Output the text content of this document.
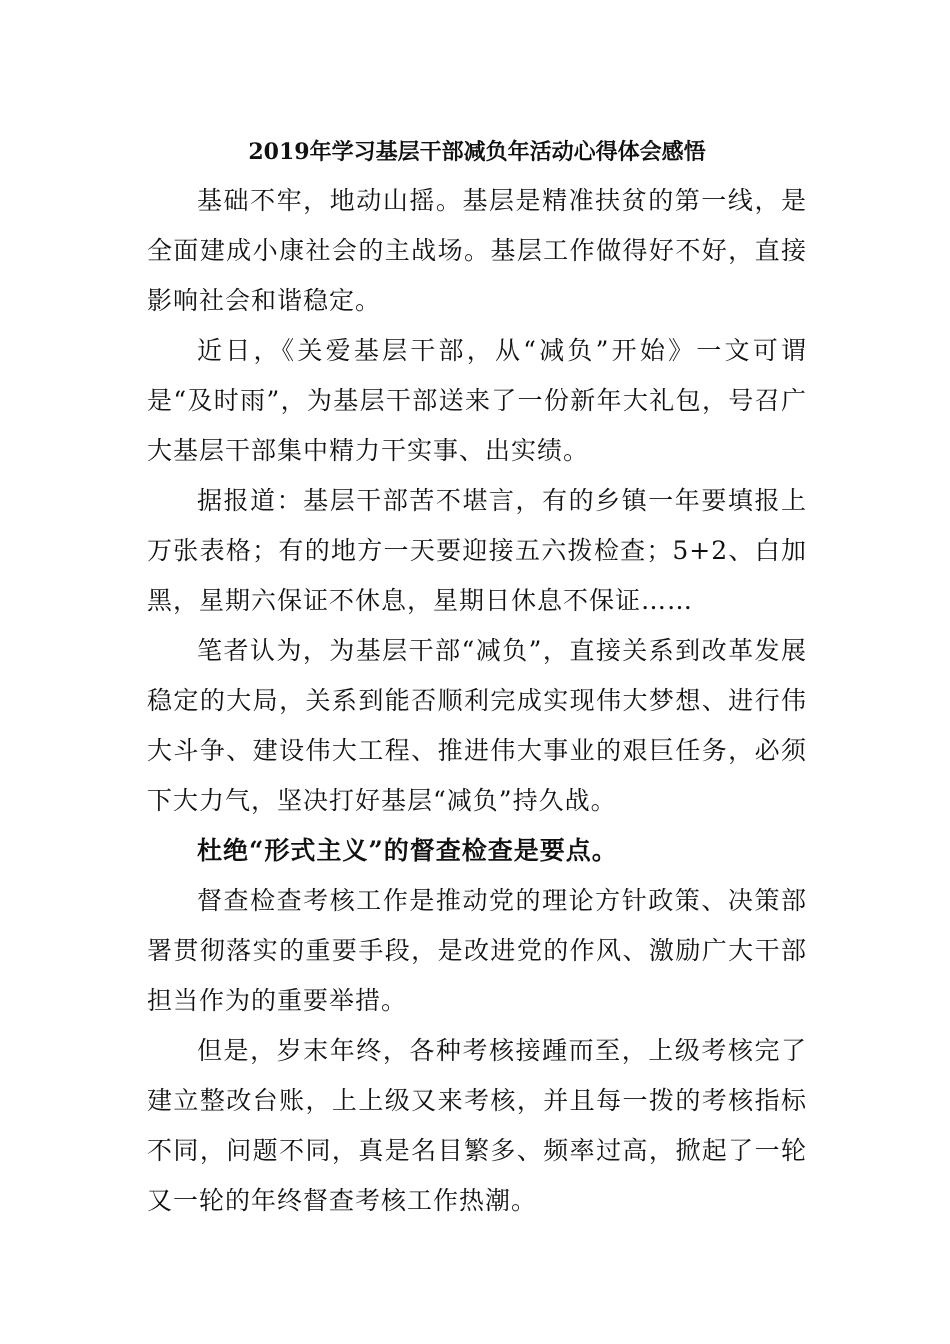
2019年学习基层干部减负年活动心得体会感悟

基础不牢，地动山摇。基层是精准扶贫的第一线，是全面建成小康社会的主战场。基层工作做得好不好，直接影响社会和谐稳定。

近日，《关爱基层干部，从“减负”开始》一文可谓是“及时雨”，为基层干部送来了一份新年大礼包，号召广大基层干部集中精力干实事、出实绩。

据报道：基层干部苦不堪言，有的乡镇一年要填报上万张表格；有的地方一天要迎接五六拨检查；5+2、白加黑，星期六保证不休息，星期日休息不保证……

笔者认为，为基层干部“减负”，直接关系到改革发展稳定的大局，关系到能否顺利完成实现伟大梦想、进行伟大斗争、建设伟大工程、推进伟大事业的艰巨任务，必须下大力气，坚决打好基层“减负”持久战。

杜绝“形式主义”的督查检查是要点。

督查检查考核工作是推动党的理论方针政策、决策部署贯彻落实的重要手段，是改进党的作风、激励广大干部担当作为的重要举措。

但是，岁末年终，各种考核接踵而至，上级考核完了建立整改台账，上上级又来考核，并且每一拨的考核指标不同，问题不同，真是名目繁多、频率过高，掀起了一轮又一轮的年终督查考核工作热潮。
